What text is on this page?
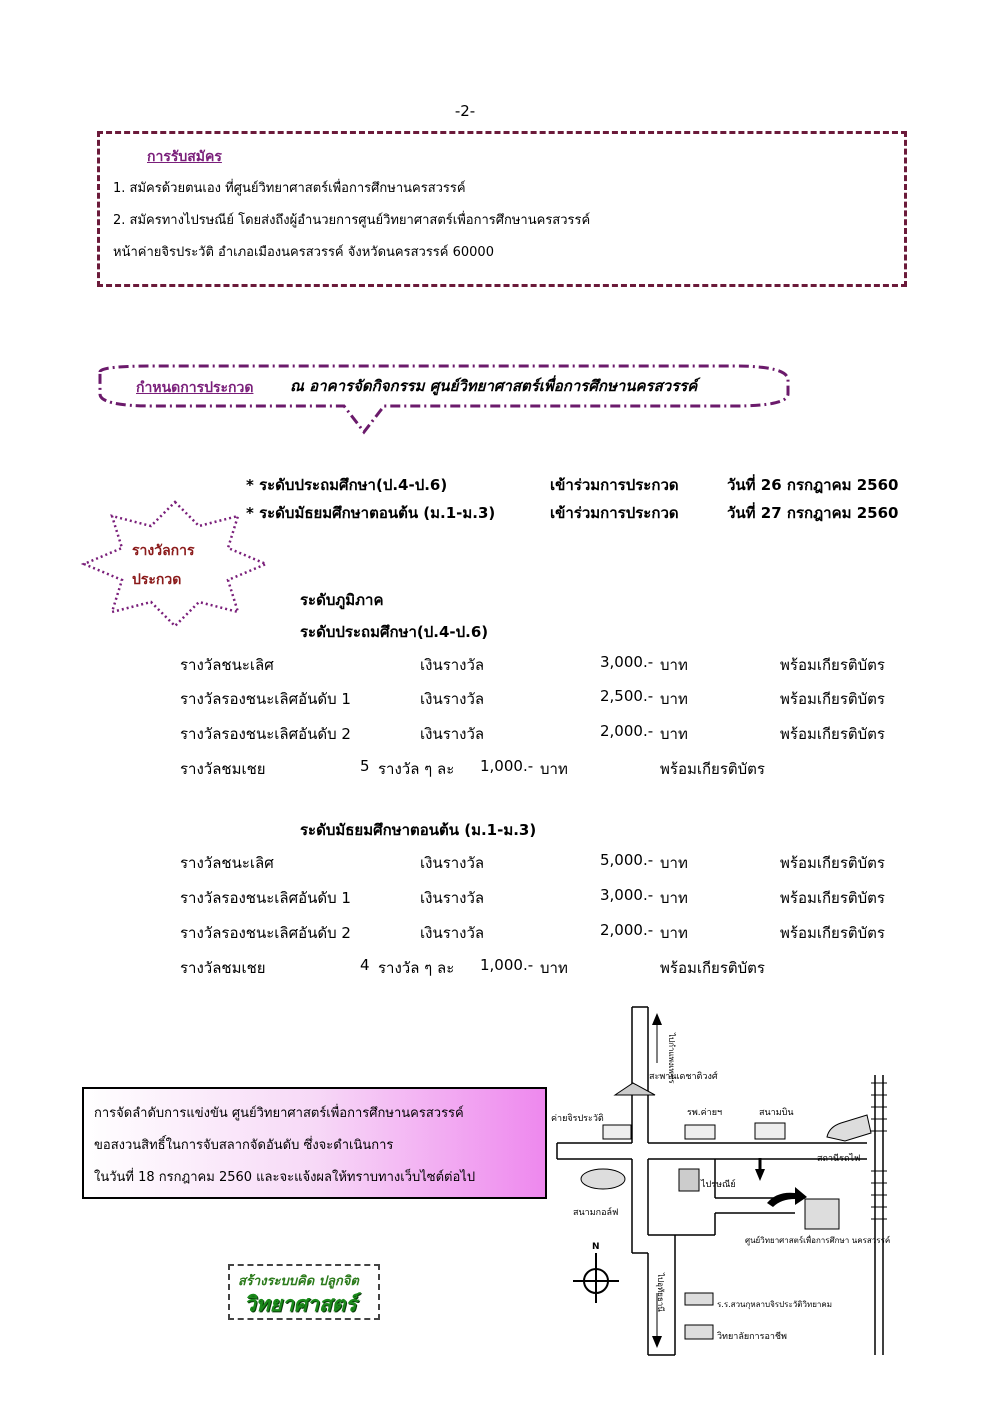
-2-
การรับสมัคร
1. สมัครด้วยตนเอง ที่ศูนย์วิทยาศาสตร์เพื่อการศึกษานครสวรรค์
2. สมัครทางไปรษณีย์ โดยส่งถึงผู้อำนวยการศูนย์วิทยาศาสตร์เพื่อการศึกษานครสวรรค์
หน้าค่ายจิรประวัติ อำเภอเมืองนครสวรรค์ จังหวัดนครสวรรค์ 60000
กำหนดการประกวด ณ อาคารจัดกิจกรรม ศูนย์วิทยาศาสตร์เพื่อการศึกษานครสวรรค์
* ระดับประถมศึกษา(ป.4-ป.6)	เข้าร่วมการประกวด	วันที่ 26 กรกฎาคม 2560
* ระดับมัธยมศึกษาตอนต้น (ม.1-ม.3)	เข้าร่วมการประกวด	วันที่ 27 กรกฎาคม 2560
รางวัลการ
ประกวด
ระดับภูมิภาค
ระดับประถมศึกษา(ป.4-ป.6)
รางวัลชนะเลิศ	เงินรางวัล	3,000.- บาท	พร้อมเกียรติบัตร
รางวัลรองชนะเลิศอันดับ 1	เงินรางวัล	2,500.- บาท	พร้อมเกียรติบัตร
รางวัลรองชนะเลิศอันดับ 2	เงินรางวัล	2,000.- บาท	พร้อมเกียรติบัตร
รางวัลชมเชย	5 รางวัล ๆ ละ 1,000.- บาท	พร้อมเกียรติบัตร
ระดับมัธยมศึกษาตอนต้น (ม.1-ม.3)
รางวัลชนะเลิศ	เงินรางวัล	5,000.- บาท	พร้อมเกียรติบัตร
รางวัลรองชนะเลิศอันดับ 1	เงินรางวัล	3,000.- บาท	พร้อมเกียรติบัตร
รางวัลรองชนะเลิศอันดับ 2	เงินรางวัล	2,000.- บาท	พร้อมเกียรติบัตร
รางวัลชมเชย	4 รางวัล ๆ ละ 1,000.- บาท	พร้อมเกียรติบัตร
การจัดลำดับการแข่งขัน ศูนย์วิทยาศาสตร์เพื่อการศึกษานครสวรรค์
ขอสงวนสิทธิ์ในการจับสลากจัดอันดับ ซึ่งจะดำเนินการ
ในวันที่ 18 กรกฎาคม 2560 และจะแจ้งผลให้ทราบทางเว็บไซต์ต่อไป
สร้างระบบคิด ปลูกจิต
วิทยาศาสตร์
N
ไปกำแพงเพชร
ไปอุทัยธานี
สะพานเดชาติวงศ์
ค่ายจิรประวัติ
รพ.ค่ายฯ	สนามบิน
สถานีรถไฟ
ไปรษณีย์
สนามกอล์ฟ
ศูนย์วิทยาศาสตร์เพื่อการศึกษา นครสวรรค์
ร.ร.สวนกุหลาบจิรประวัติวิทยาคม
วิทยาลัยการอาชีพ
